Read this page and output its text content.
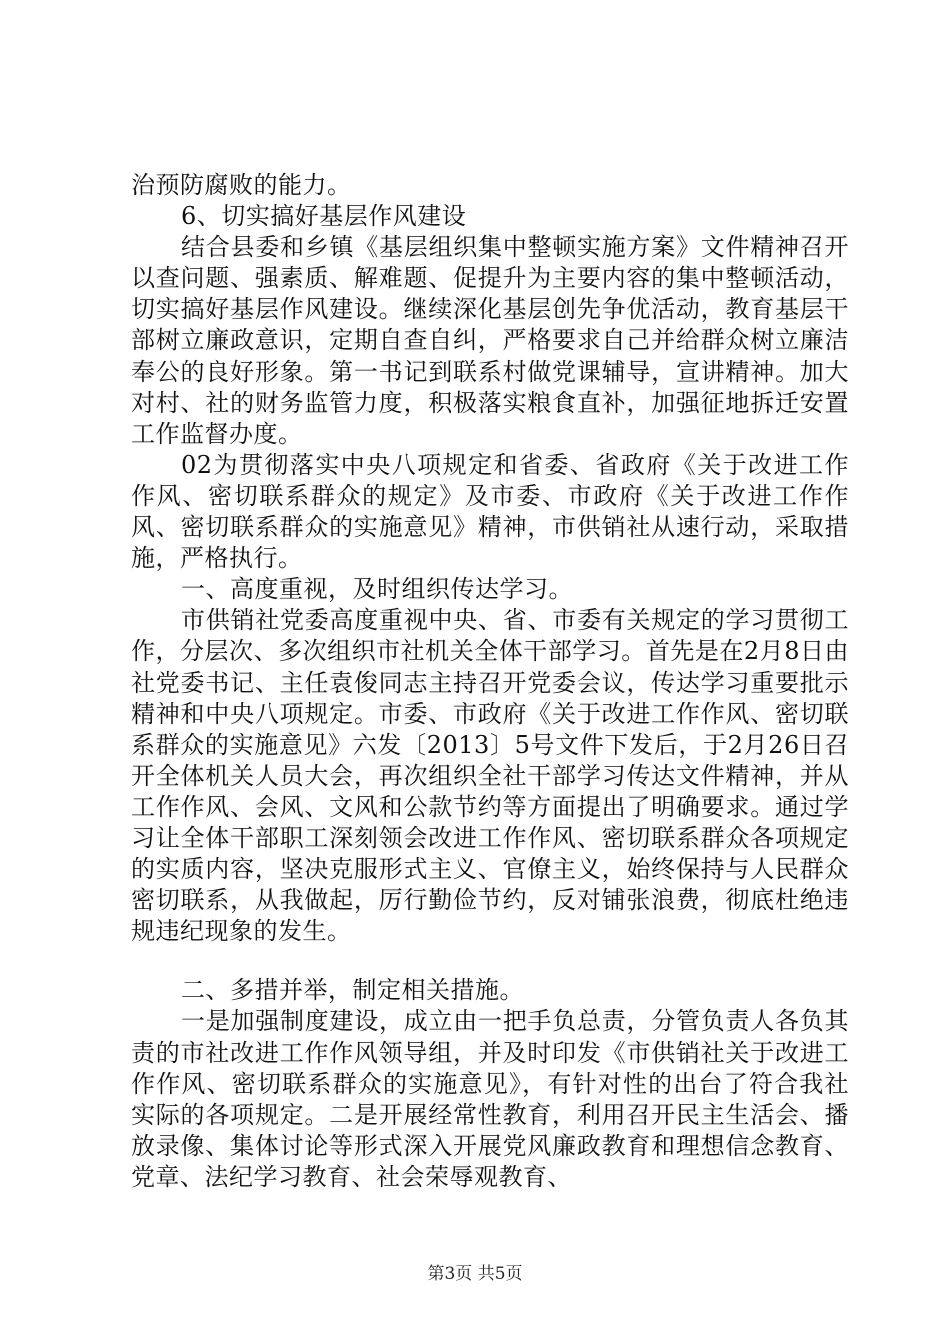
治预防腐败的能力。

6、切实搞好基层作风建设

结合县委和乡镇《基层组织集中整顿实施方案》文件精神召开以查问题、强素质、解难题、促提升为主要内容的集中整顿活动，切实搞好基层作风建设。继续深化基层创先争优活动，教育基层干部树立廉政意识，定期自查自纠，严格要求自己并给群众树立廉洁奉公的良好形象。第一书记到联系村做党课辅导，宣讲精神。加大对村、社的财务监管力度，积极落实粮食直补，加强征地拆迁安置工作监督办度。

02为贯彻落实中央八项规定和省委、省政府《关于改进工作作风、密切联系群众的规定》及市委、市政府《关于改进工作作风、密切联系群众的实施意见》精神，市供销社从速行动，采取措施，严格执行。

一、高度重视，及时组织传达学习。

市供销社党委高度重视中央、省、市委有关规定的学习贯彻工作，分层次、多次组织市社机关全体干部学习。首先是在2月8日由社党委书记、主任袁俊同志主持召开党委会议，传达学习重要批示精神和中央八项规定。市委、市政府《关于改进工作作风、密切联系群众的实施意见》六发〔2013〕5号文件下发后，于2月26日召开全体机关人员大会，再次组织全社干部学习传达文件精神，并从工作作风、会风、文风和公款节约等方面提出了明确要求。通过学习让全体干部职工深刻领会改进工作作风、密切联系群众各项规定的实质内容，坚决克服形式主义、官僚主义，始终保持与人民群众密切联系，从我做起，厉行勤俭节约，反对铺张浪费，彻底杜绝违规违纪现象的发生。

二、多措并举，制定相关措施。

一是加强制度建设，成立由一把手负总责，分管负责人各负其责的市社改进工作作风领导组，并及时印发《市供销社关于改进工作作风、密切联系群众的实施意见》，有针对性的出台了符合我社实际的各项规定。二是开展经常性教育，利用召开民主生活会、播放录像、集体讨论等形式深入开展党风廉政教育和理想信念教育、党章、法纪学习教育、社会荣辱观教育、

第3页 共5页
